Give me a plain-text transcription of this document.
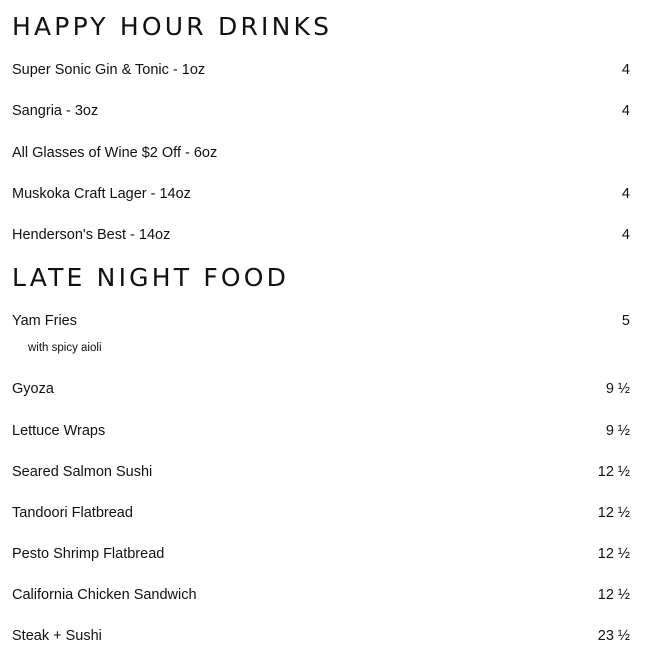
HAPPY HOUR DRINKS
Super Sonic Gin & Tonic - 1oz	4
Sangria - 3oz	4
All Glasses of Wine $2 Off - 6oz
Muskoka Craft Lager - 14oz	4
Henderson's Best - 14oz	4
LATE NIGHT FOOD
Yam Fries	5
with spicy aioli
Gyoza	9 ½
Lettuce Wraps	9 ½
Seared Salmon Sushi	12 ½
Tandoori Flatbread	12 ½
Pesto Shrimp Flatbread	12 ½
California Chicken Sandwich	12 ½
Steak + Sushi	23 ½
